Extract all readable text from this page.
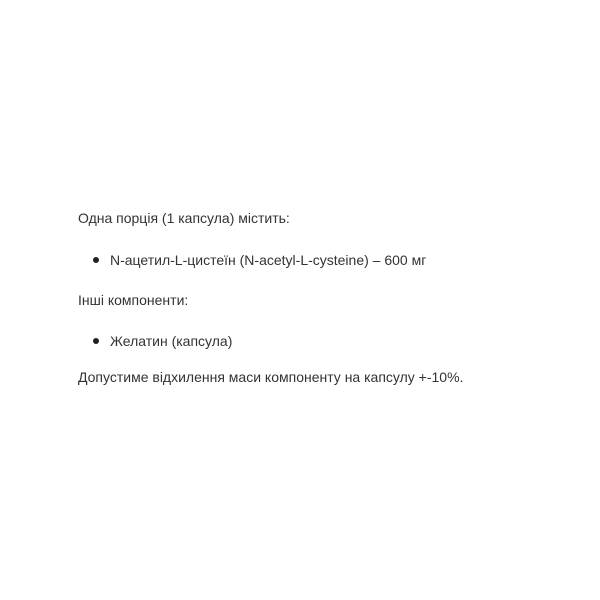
Одна порція (1 капсула) містить:

N-ацетил-L-цистеїн (N-acetyl-L-cysteine) – 600 мг

Інші компоненти:

Желатин (капсула)

Допустиме відхилення маси компоненту на капсулу +-10%.
